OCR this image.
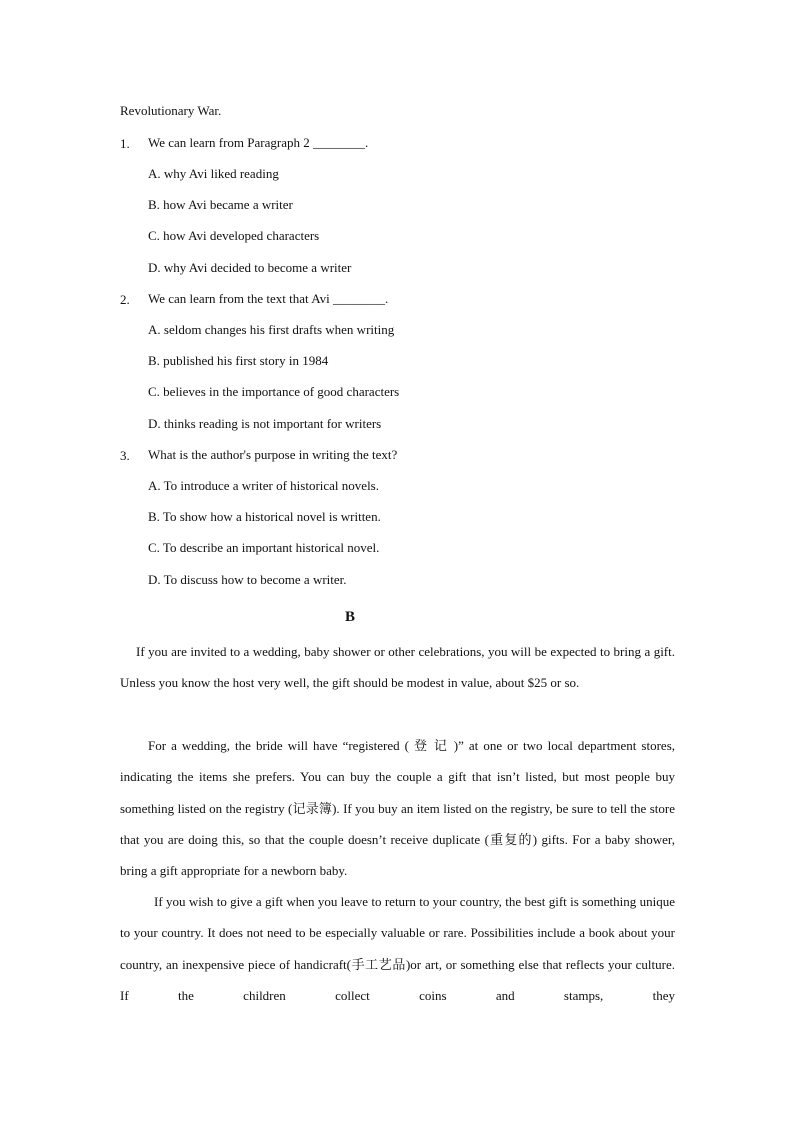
Revolutionary War.
1. We can learn from Paragraph 2 ________.
A. why Avi liked reading
B. how Avi became a writer
C. how Avi developed characters
D. why Avi decided to become a writer
2. We can learn from the text that Avi ________.
A. seldom changes his first drafts when writing
B. published his first story in 1984
C. believes in the importance of good characters
D. thinks reading is not important for writers
3. What is the author's purpose in writing the text?
A. To introduce a writer of historical novels.
B. To show how a historical novel is written.
C. To describe an important historical novel.
D. To discuss how to become a writer.
B
If you are invited to a wedding, baby shower or other celebrations, you will be expected to bring a gift. Unless you know the host very well, the gift should be modest in value, about $25 or so.
For a wedding, the bride will have “registered ( 登 记 )” at one or two local department stores, indicating the items she prefers. You can buy the couple a gift that isn’t listed, but most people buy something listed on the registry (记录簿). If you buy an item listed on the registry, be sure to tell the store that you are doing this, so that the couple doesn’t receive duplicate (重复的) gifts. For a baby shower, bring a gift appropriate for a newborn baby.
If you wish to give a gift when you leave to return to your country, the best gift is something unique to your country. It does not need to be especially valuable or rare. Possibilities include a book about your country, an inexpensive piece of handicraft(手工艺品)or art, or something else that reflects your culture. If the children collect coins and stamps, they
